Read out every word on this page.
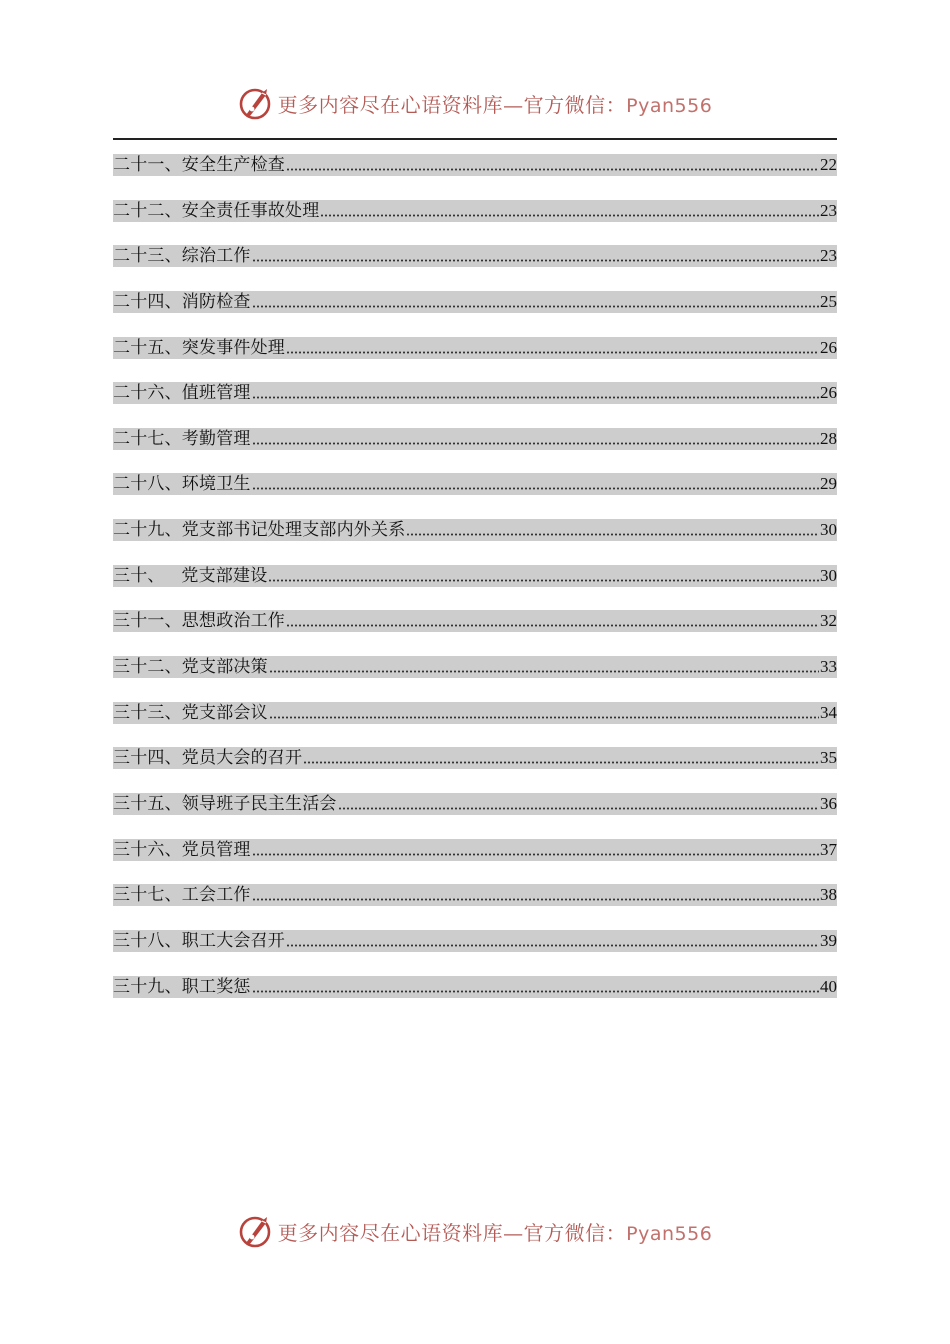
更多内容尽在心语资料库—官方微信：Pyan556
二十一、安全生产检查	22
二十二、安全责任事故处理	23
二十三、综治工作	23
二十四、消防检查	25
二十五、突发事件处理	26
二十六、值班管理	26
二十七、考勤管理	28
二十八、环境卫生	29
二十九、党支部书记处理支部内外关系	30
三十、   党支部建设	30
三十一、思想政治工作	32
三十二、党支部决策	33
三十三、党支部会议	34
三十四、党员大会的召开	35
三十五、领导班子民主生活会	36
三十六、党员管理	37
三十七、工会工作	38
三十八、职工大会召开	39
三十九、职工奖惩	40
更多内容尽在心语资料库—官方微信：Pyan556
